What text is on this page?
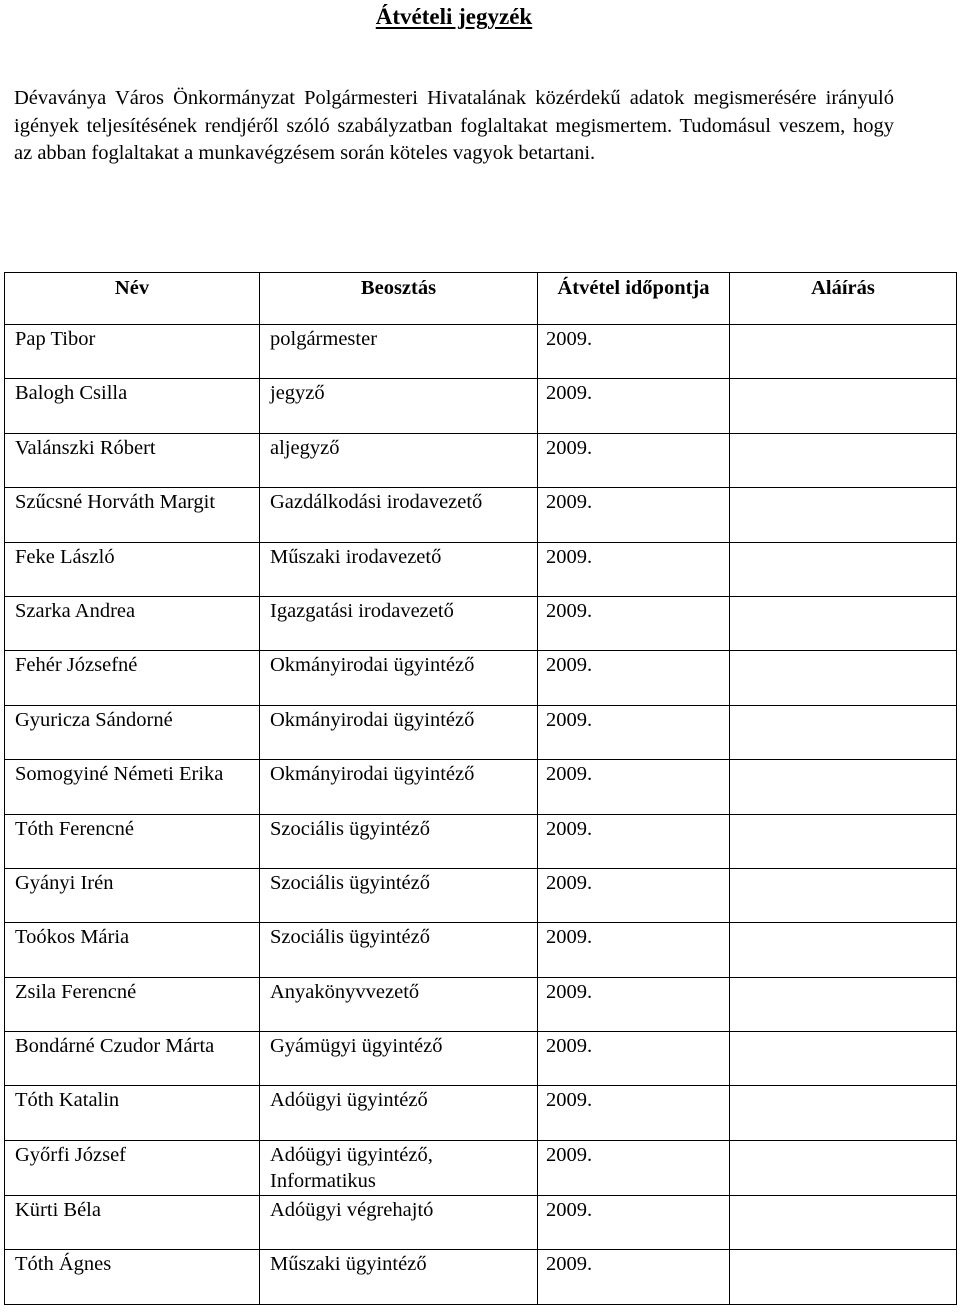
Átvételi jegyzék

Dévaványa Város Önkormányzat Polgármesteri Hivatalának közérdekű adatok megismerésére irányuló igények teljesítésének rendjéről szóló szabályzatban foglaltakat megismertem. Tudomásul veszem, hogy az abban foglaltakat a munkavégzésem során köteles vagyok betartani.

Név	Beosztás	Átvétel időpontja	Aláírás
Pap Tibor	polgármester	2009.	
Balogh Csilla	jegyző	2009.	
Valánszki Róbert	aljegyző	2009.	
Szűcsné Horváth Margit	Gazdálkodási irodavezető	2009.	
Feke László	Műszaki irodavezető	2009.	
Szarka Andrea	Igazgatási irodavezető	2009.	
Fehér Józsefné	Okmányirodai ügyintéző	2009.	
Gyuricza Sándorné	Okmányirodai ügyintéző	2009.	
Somogyiné Németi Erika	Okmányirodai ügyintéző	2009.	
Tóth Ferencné	Szociális ügyintéző	2009.	
Gyányi Irén	Szociális ügyintéző	2009.	
Toókos Mária	Szociális ügyintéző	2009.	
Zsila Ferencné	Anyakönyvvezető	2009.	
Bondárné Czudor Márta	Gyámügyi ügyintéző	2009.	
Tóth Katalin	Adóügyi ügyintéző	2009.	
Győrfi József	Adóügyi ügyintéző, Informatikus	2009.	
Kürti Béla	Adóügyi végrehajtó	2009.	
Tóth Ágnes	Műszaki ügyintéző	2009.	
